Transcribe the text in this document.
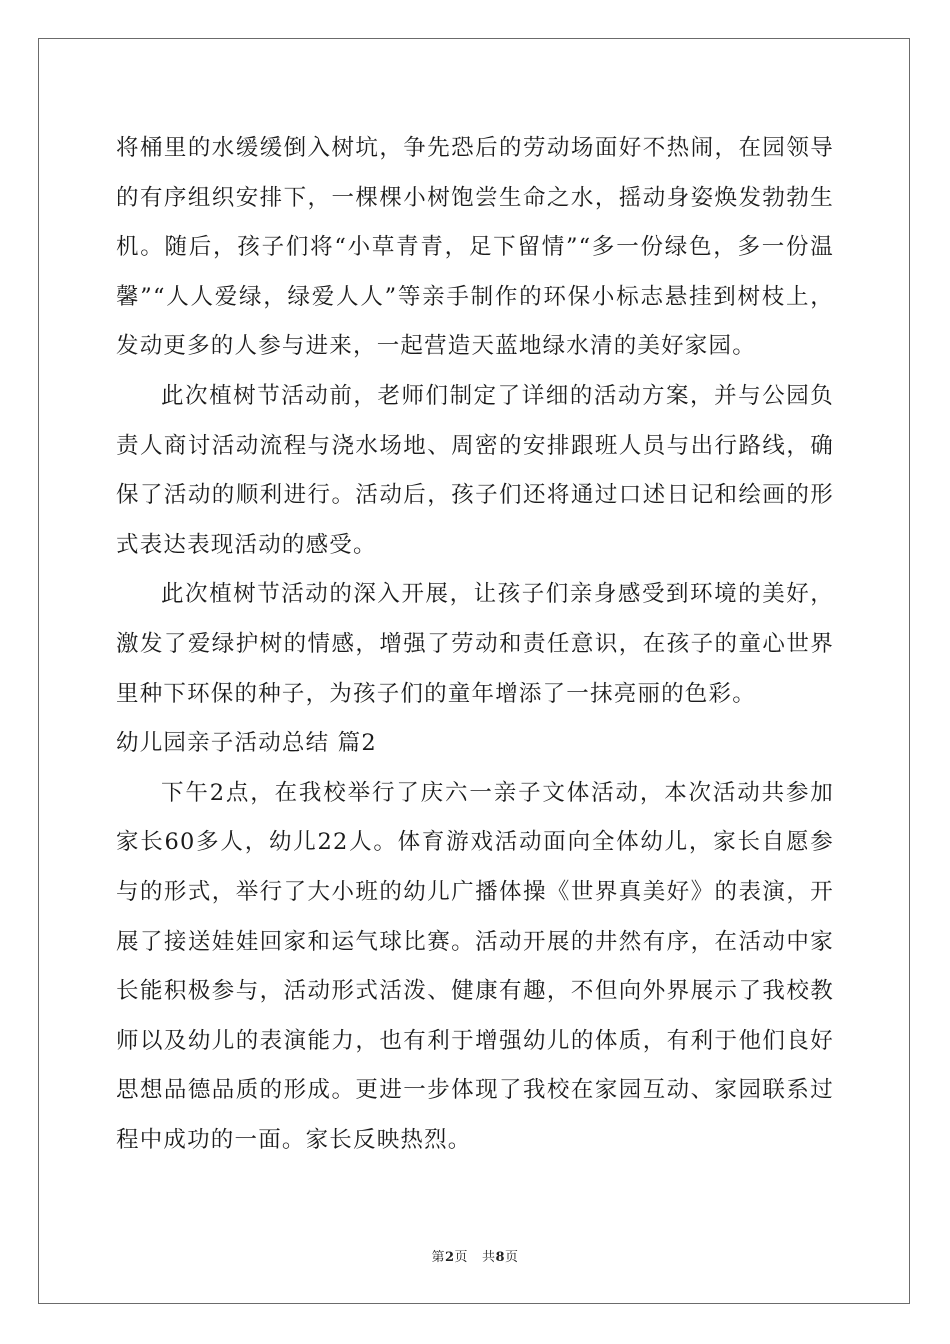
将桶里的水缓缓倒入树坑，争先恐后的劳动场面好不热闹，在园领导的有序组织安排下，一棵棵小树饱尝生命之水，摇动身姿焕发勃勃生机。随后，孩子们将“小草青青，足下留情”“多一份绿色，多一份温馨”“人人爱绿，绿爱人人”等亲手制作的环保小标志悬挂到树枝上，发动更多的人参与进来，一起营造天蓝地绿水清的美好家园。

此次植树节活动前，老师们制定了详细的活动方案，并与公园负责人商讨活动流程与浇水场地、周密的安排跟班人员与出行路线，确保了活动的顺利进行。活动后，孩子们还将通过口述日记和绘画的形式表达表现活动的感受。

此次植树节活动的深入开展，让孩子们亲身感受到环境的美好，激发了爱绿护树的情感，增强了劳动和责任意识，在孩子的童心世界里种下环保的种子，为孩子们的童年增添了一抹亮丽的色彩。

幼儿园亲子活动总结 篇2

下午2点，在我校举行了庆六一亲子文体活动，本次活动共参加家长60多人，幼儿22人。体育游戏活动面向全体幼儿，家长自愿参与的形式，举行了大小班的幼儿广播体操《世界真美好》的表演，开展了接送娃娃回家和运气球比赛。活动开展的井然有序，在活动中家长能积极参与，活动形式活泼、健康有趣，不但向外界展示了我校教师以及幼儿的表演能力，也有利于增强幼儿的体质，有利于他们良好思想品德品质的形成。更进一步体现了我校在家园互动、家园联系过程中成功的一面。家长反映热烈。

第2页 共8页
